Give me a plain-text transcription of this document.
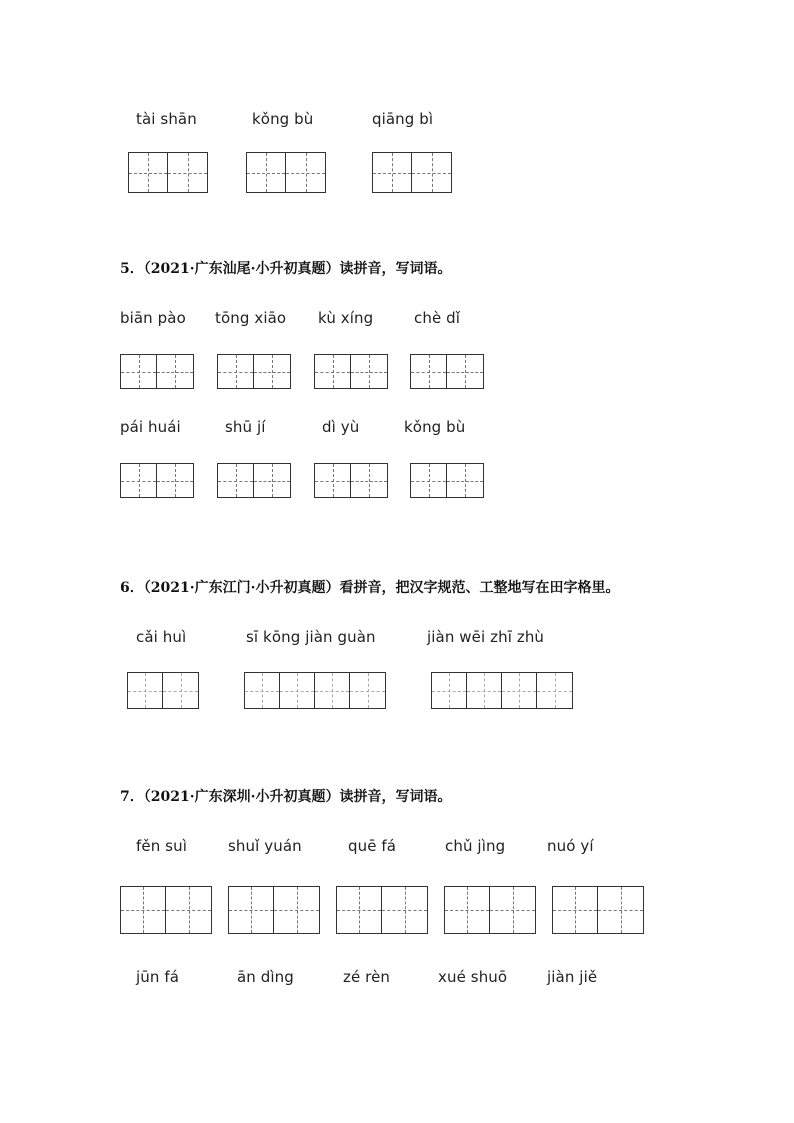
tài shān	kǒng bù	qiāng bì
5．（2021·广东汕尾·小升初真题）读拼音，写词语。
biān pào tōng xiāo kù xíng	chè dǐ
pái huái	shū jí	dì yù	kǒng bù
6．（2021·广东江门·小升初真题）看拼音，把汉字规范、工整地写在田字格里。
cǎi huì	sī kōng jiàn guàn	jiàn wēi zhī zhù
7．（2021·广东深圳·小升初真题）读拼音，写词语。
fěn suì	shuǐ yuán	quē fá	chǔ jìng	nuó yí
jūn fá	ān dìng	zé rèn	xué shuō	jiàn jiě
